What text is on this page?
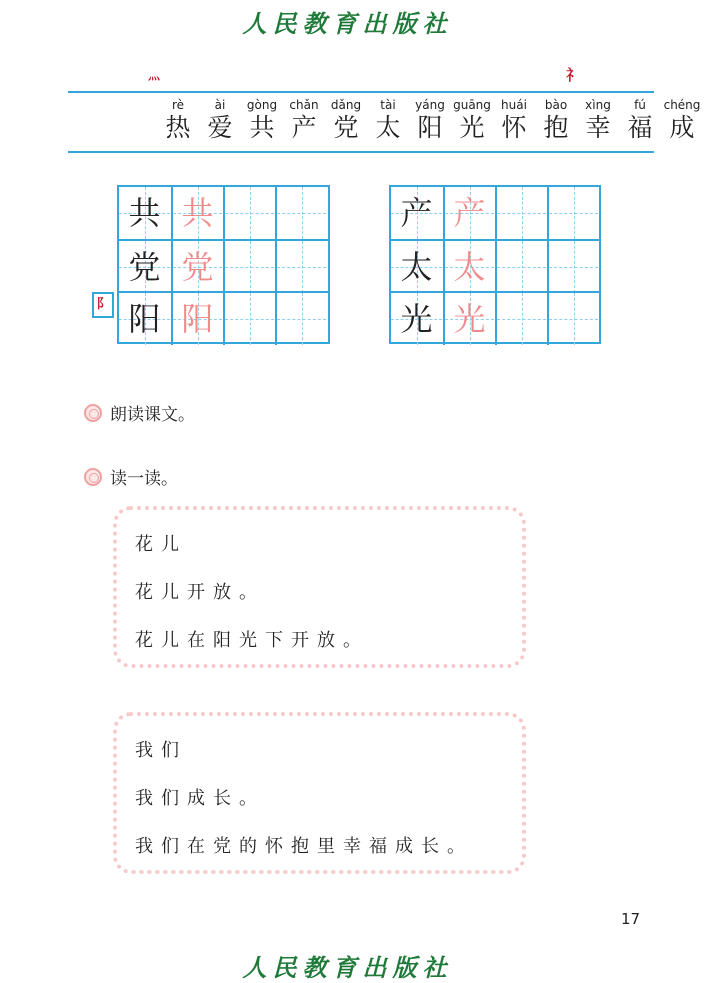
人民教育出版社
灬	礻
rè
热
ài
爱
gòng
共
chǎn
产
dǎng
党
tài
太
yáng
阳
guāng
光
huái
怀
bào
抱
xìng
幸
fú
福
chéng
成
共 共
党 党
阳 阳
阝
产 产
太 太
光 光
朗读课文。
读一读。
花儿
花儿开放。
花儿在阳光下开放。
我们
我们成长。
我们在党的怀抱里幸福成长。
17
人民教育出版社
